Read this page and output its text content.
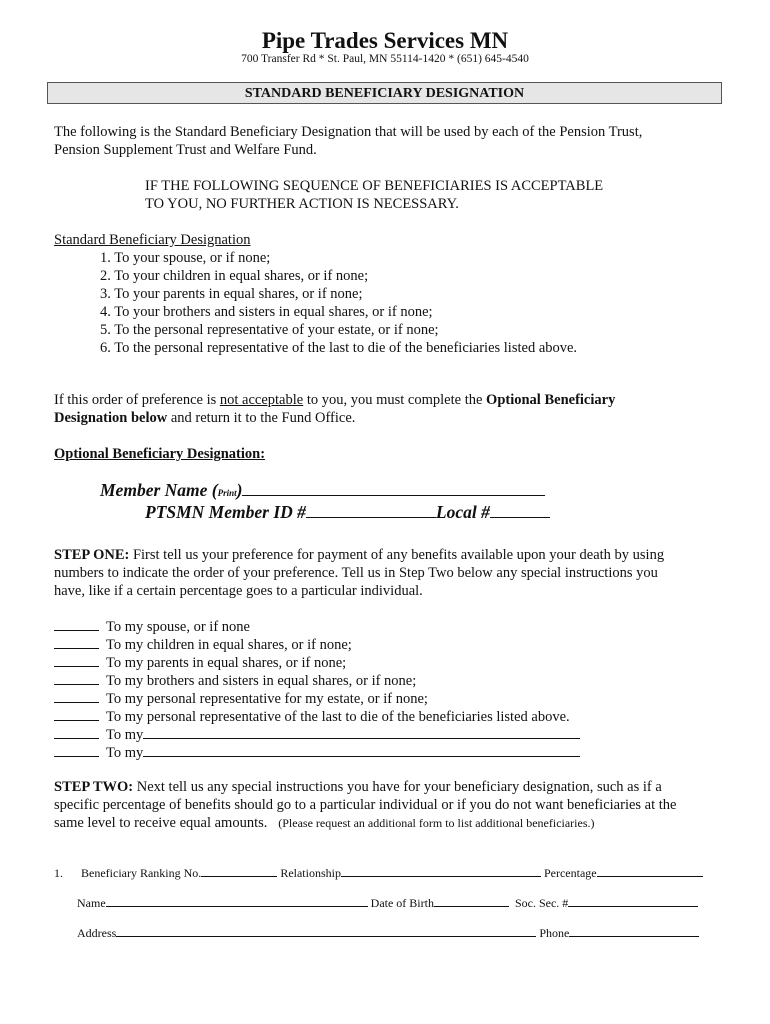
Pipe Trades Services MN
700 Transfer Rd * St. Paul, MN 55114-1420 * (651) 645-4540
STANDARD BENEFICIARY DESIGNATION
The following is the Standard Beneficiary Designation that will be used by each of the Pension Trust,
Pension Supplement Trust and Welfare Fund.
IF THE FOLLOWING SEQUENCE OF BENEFICIARIES IS ACCEPTABLE
TO YOU, NO FURTHER ACTION IS NECESSARY.
Standard Beneficiary Designation
1. To your spouse, or if none;
2. To your children in equal shares, or if none;
3. To your parents in equal shares, or if none;
4. To your brothers and sisters in equal shares, or if none;
5. To the personal representative of your estate, or if none;
6. To the personal representative of the last to die of the beneficiaries listed above.
If this order of preference is not acceptable to you, you must complete the Optional Beneficiary
Designation below and return it to the Fund Office.
Optional Beneficiary Designation:
Member Name (Print)
PTSMN Member ID #	Local #
STEP ONE: First tell us your preference for payment of any benefits available upon your death by using
numbers to indicate the order of your preference. Tell us in Step Two below any special instructions you
have, like if a certain percentage goes to a particular individual.
To my spouse, or if none
To my children in equal shares, or if none;
To my parents in equal shares, or if none;
To my brothers and sisters in equal shares, or if none;
To my personal representative for my estate, or if none;
To my personal representative of the last to die of the beneficiaries listed above.
To my
To my
STEP TWO: Next tell us any special instructions you have for your beneficiary designation, such as if a
specific percentage of benefits should go to a particular individual or if you do not want beneficiaries at the
same level to receive equal amounts. (Please request an additional form to list additional beneficiaries.)
1. Beneficiary Ranking No.	Relationship	Percentage
Name	Date of Birth	Soc. Sec. #
Address	Phone
